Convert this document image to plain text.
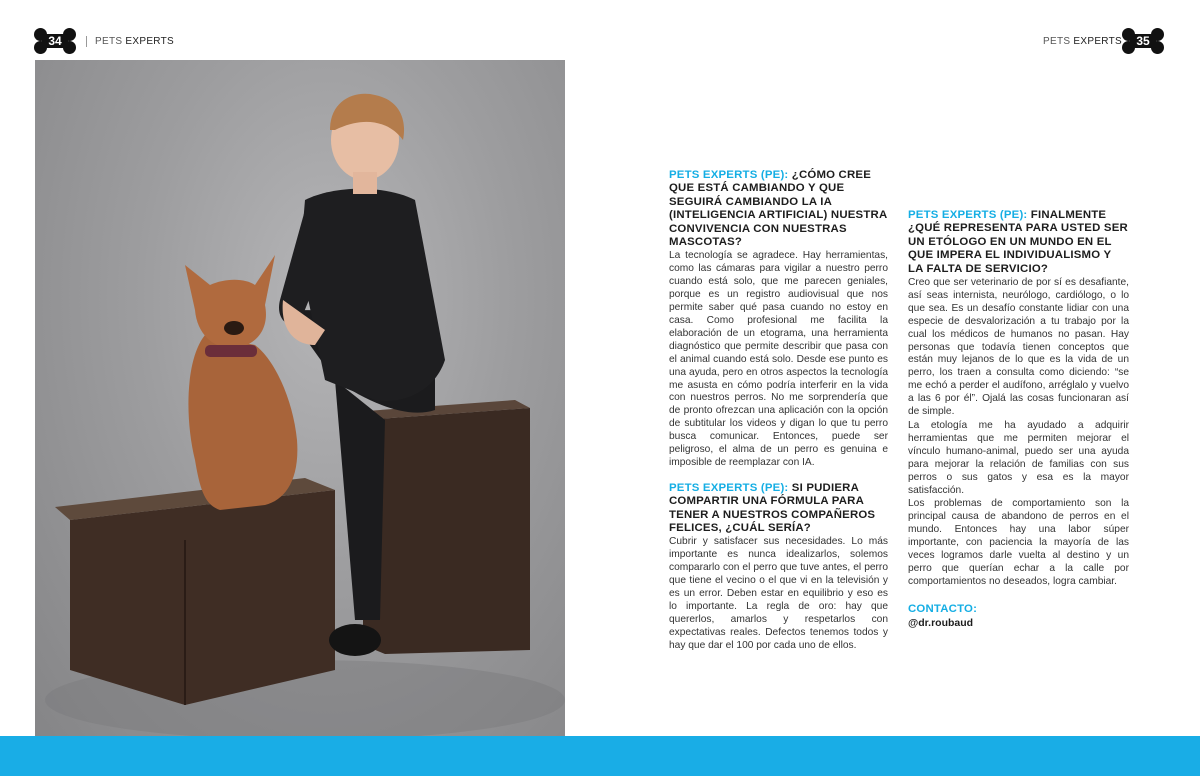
34	PETS EXPERTS	PETS EXPERTS	35
PETS EXPERTS (PE): ¿CÓMO CREE QUE ESTÁ CAMBIANDO Y QUE SEGUIRÁ CAMBIANDO LA IA (INTELIGENCIA ARTIFICIAL) NUESTRA CONVIVENCIA CON NUESTRAS MASCOTAS?

La tecnología se agradece. Hay herramientas, como las cámaras para vigilar a nuestro perro cuando está solo, que me parecen geniales, porque es un registro audiovisual que nos permite saber qué pasa cuando no estoy en casa. Como profesional me facilita la elaboración de un etograma, una herramienta diagnóstico que permite describir que pasa con el animal cuando está solo. Desde ese punto es una ayuda, pero en otros aspectos la tecnología me asusta en cómo podría interferir en la vida con nuestros perros. No me sorprendería que de pronto ofrezcan una aplicación con la opción de subtitular los videos y digan lo que tu perro busca comunicar. Entonces, puede ser peligroso, el alma de un perro es genuina e imposible de reemplazar con IA.

PETS EXPERTS (PE): SI PUDIERA COMPARTIR UNA FÓRMULA PARA TENER A NUESTROS COMPAÑEROS FELICES, ¿CUÁL SERÍA?

Cubrir y satisfacer sus necesidades. Lo más importante es nunca idealizarlos, solemos compararlo con el perro que tuve antes, el perro que tiene el vecino o el que vi en la televisión y es un error. Deben estar en equilibrio y eso es lo importante. La regla de oro: hay que quererlos, amarlos y respetarlos con expectativas reales. Defectos tenemos todos y hay que dar el 100 por cada uno de ellos.

PETS EXPERTS (PE): FINALMENTE ¿QUÉ REPRESENTA PARA USTED SER UN ETÓLOGO EN UN MUNDO EN EL QUE IMPERA EL INDIVIDUALISMO Y LA FALTA DE SERVICIO?

Creo que ser veterinario de por sí es desafiante, así seas internista, neurólogo, cardiólogo, o lo que sea. Es un desafío constante lidiar con una especie de desvalorización a tu trabajo por la cual los médicos de humanos no pasan. Hay personas que todavía tienen conceptos que están muy lejanos de lo que es la vida de un perro, los traen a consulta como diciendo: “se me echó a perder el audífono, arréglalo y vuelvo a las 6 por él”. Ojalá las cosas funcionaran así de simple.

La etología me ha ayudado a adquirir herramientas que me permiten mejorar el vínculo humano-animal, puedo ser una ayuda para mejorar la relación de familias con sus perros o sus gatos y esa es la mayor satisfacción.

Los problemas de comportamiento son la principal causa de abandono de perros en el mundo. Entonces hay una labor súper importante, con paciencia la mayoría de las veces logramos darle vuelta al destino y un perro que querían echar a la calle por comportamientos no deseados, logra cambiar.

CONTACTO:
@dr.roubaud
